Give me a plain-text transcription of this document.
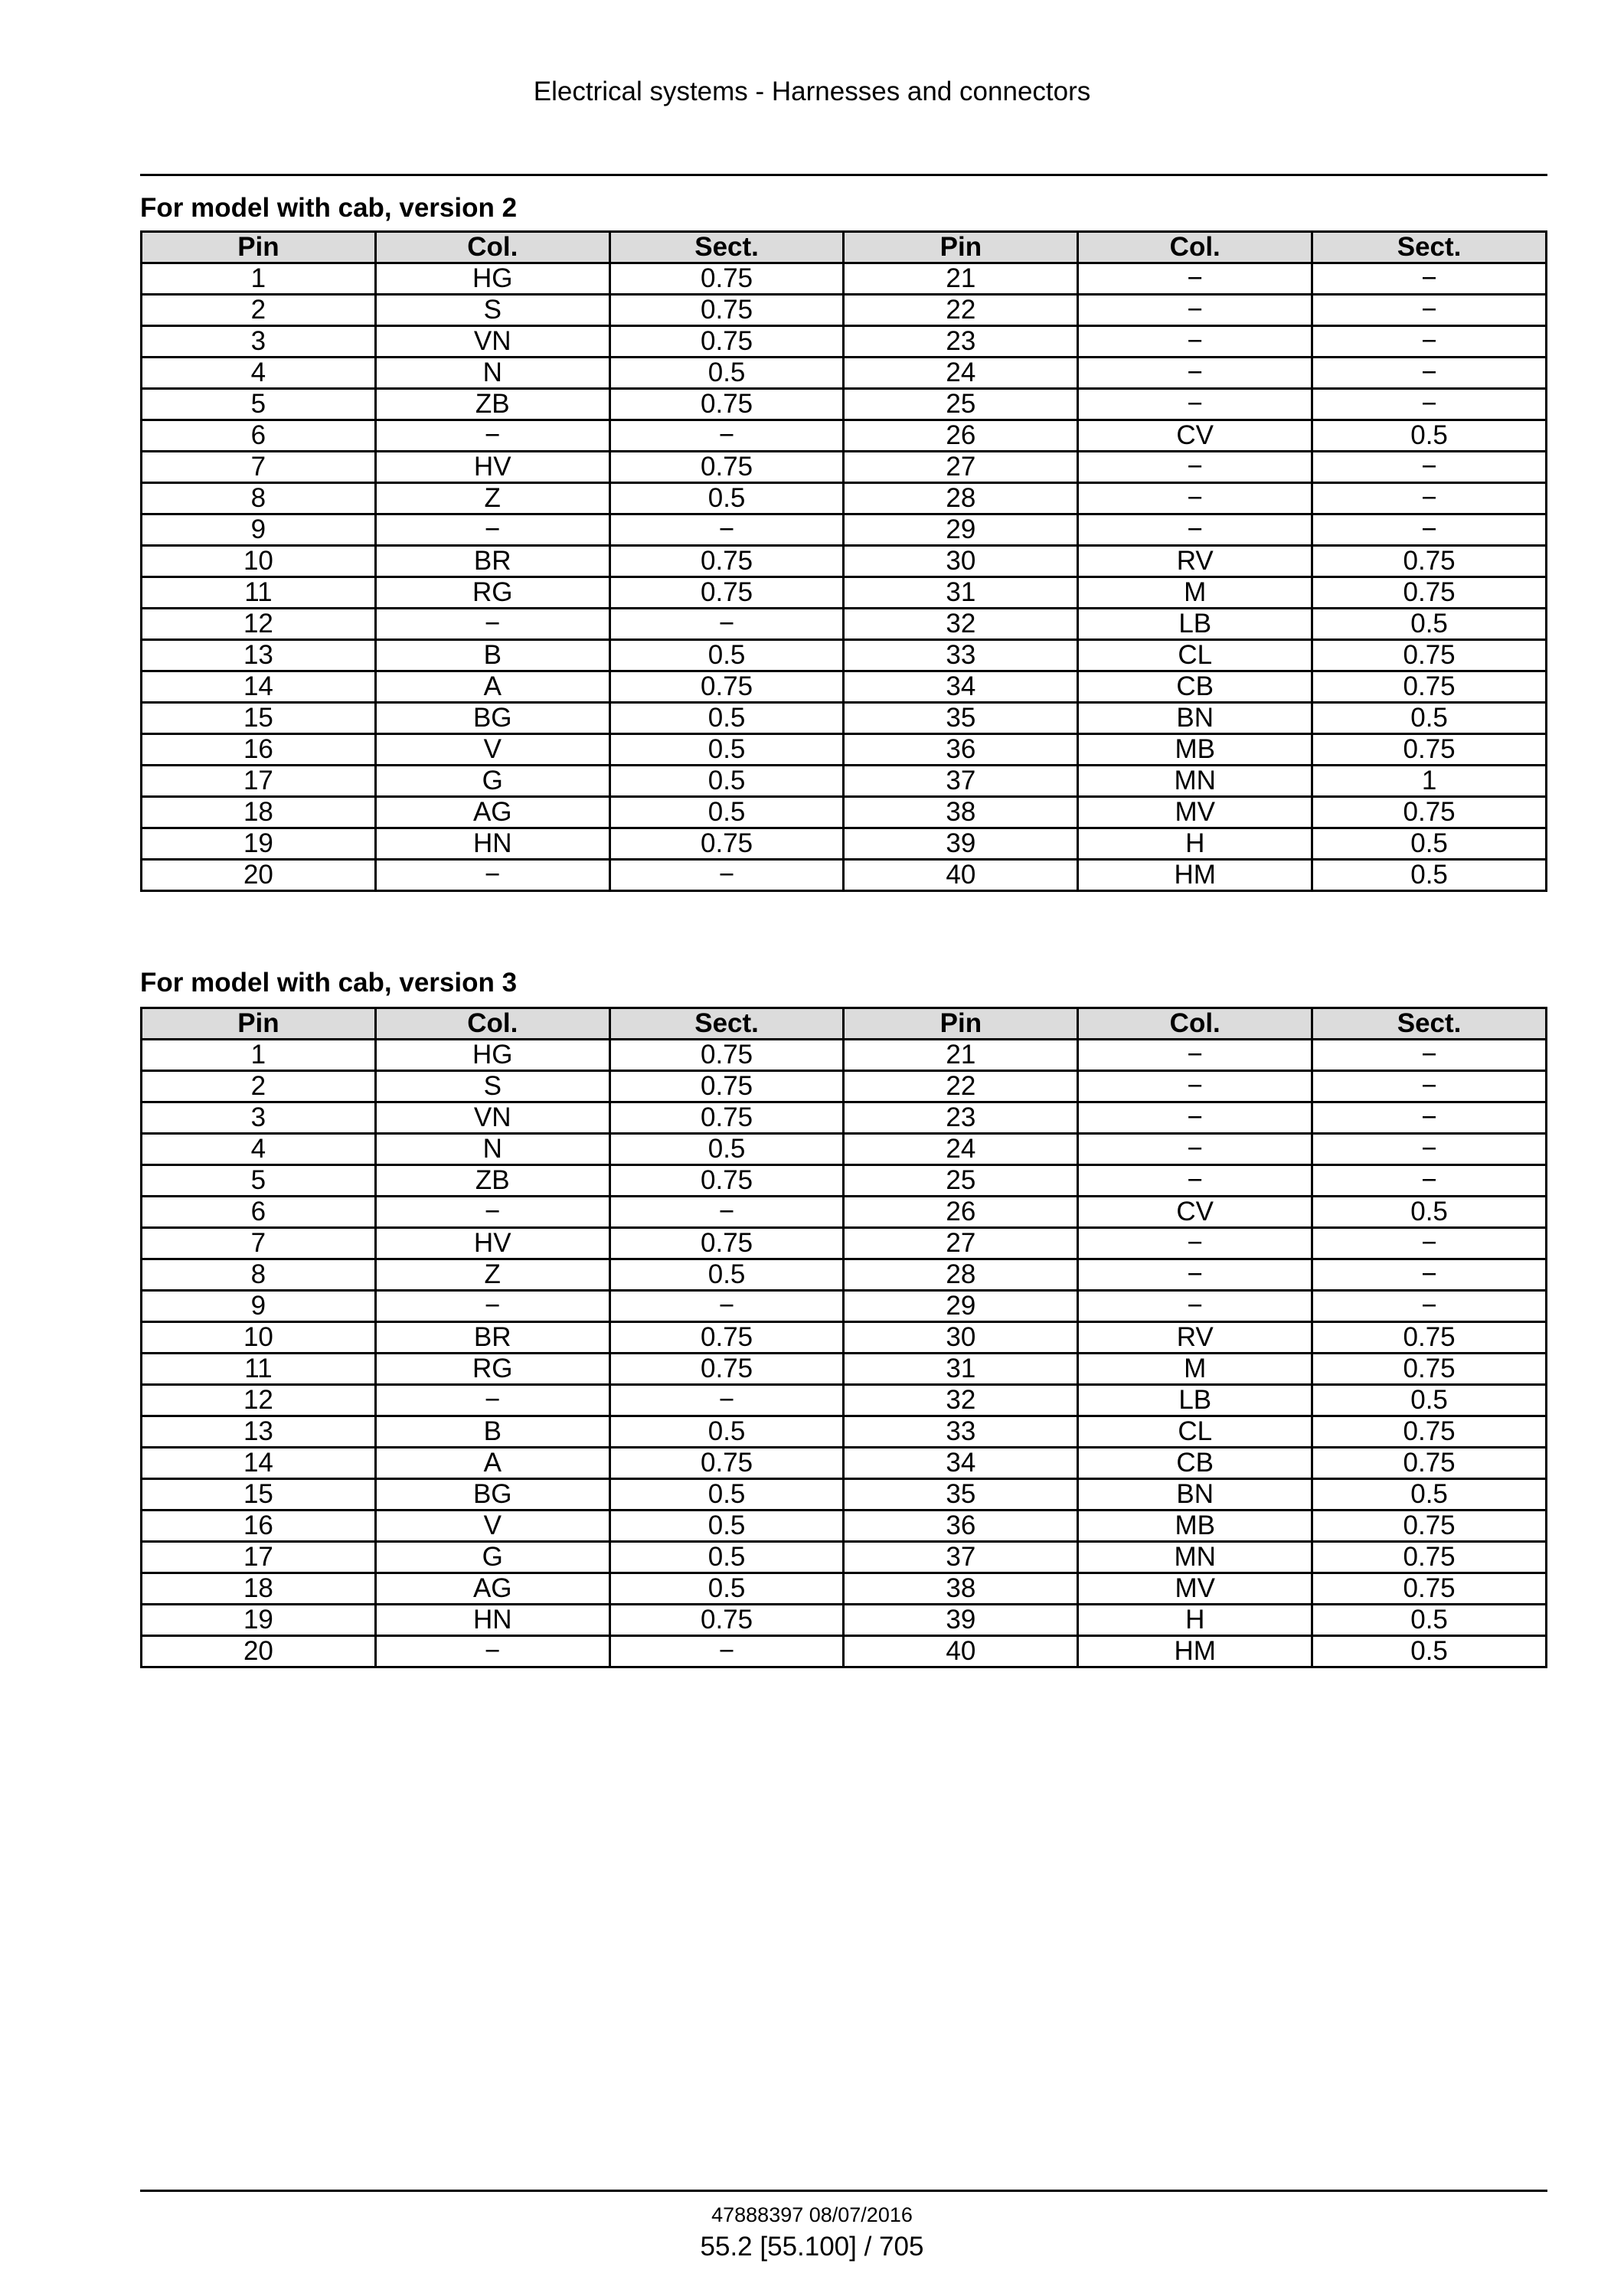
Electrical systems - Harnesses and connectors
For model with cab, version 2
Pin	Col.	Sect.	Pin	Col.	Sect.
1	HG	0.75	21	−	−
2	S	0.75	22	−	−
3	VN	0.75	23	−	−
4	N	0.5	24	−	−
5	ZB	0.75	25	−	−
6	−	−	26	CV	0.5
7	HV	0.75	27	−	−
8	Z	0.5	28	−	−
9	−	−	29	−	−
10	BR	0.75	30	RV	0.75
11	RG	0.75	31	M	0.75
12	−	−	32	LB	0.5
13	B	0.5	33	CL	0.75
14	A	0.75	34	CB	0.75
15	BG	0.5	35	BN	0.5
16	V	0.5	36	MB	0.75
17	G	0.5	37	MN	1
18	AG	0.5	38	MV	0.75
19	HN	0.75	39	H	0.5
20	−	−	40	HM	0.5
For model with cab, version 3
Pin	Col.	Sect.	Pin	Col.	Sect.
1	HG	0.75	21	−	−
2	S	0.75	22	−	−
3	VN	0.75	23	−	−
4	N	0.5	24	−	−
5	ZB	0.75	25	−	−
6	−	−	26	CV	0.5
7	HV	0.75	27	−	−
8	Z	0.5	28	−	−
9	−	−	29	−	−
10	BR	0.75	30	RV	0.75
11	RG	0.75	31	M	0.75
12	−	−	32	LB	0.5
13	B	0.5	33	CL	0.75
14	A	0.75	34	CB	0.75
15	BG	0.5	35	BN	0.5
16	V	0.5	36	MB	0.75
17	G	0.5	37	MN	0.75
18	AG	0.5	38	MV	0.75
19	HN	0.75	39	H	0.5
20	−	−	40	HM	0.5
47888397 08/07/2016
55.2 [55.100] / 705
